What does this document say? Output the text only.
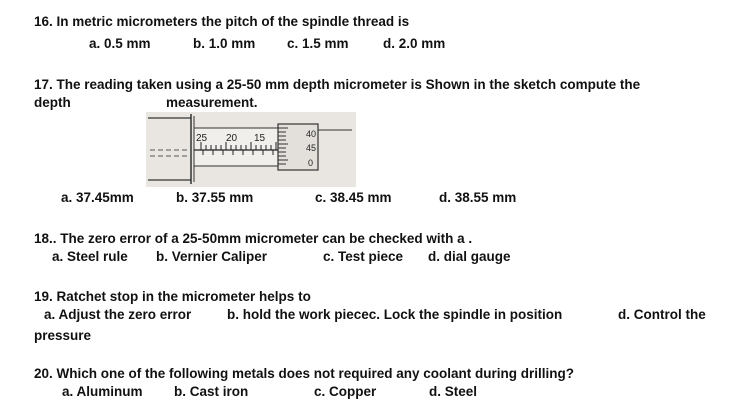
16. In metric micrometers the pitch of the spindle thread is
a. 0.5 mm	b. 1.0 mm c. 1.5 mm	d. 2.0 mm
17. The reading taken using a 25-50 mm depth micrometer is Shown in the sketch compute the
depth	measurement.
25 20 15	40
45
0
a. 37.45mm	b. 37.55 mm	c. 38.45 mm	d. 38.55 mm
18.. The zero error of a 25-50mm micrometer can be checked with a .
a. Steel rule b. Vernier Caliper	c. Test piece d. dial gauge
19. Ratchet stop in the micrometer helps to
a. Adjust the zero error	b. hold the work piecec. Lock the spindle in position	d. Control the
pressure
20. Which one of the following metals does not required any coolant during drilling?
a. Aluminum b. Cast iron	c. Copper	d. Steel
